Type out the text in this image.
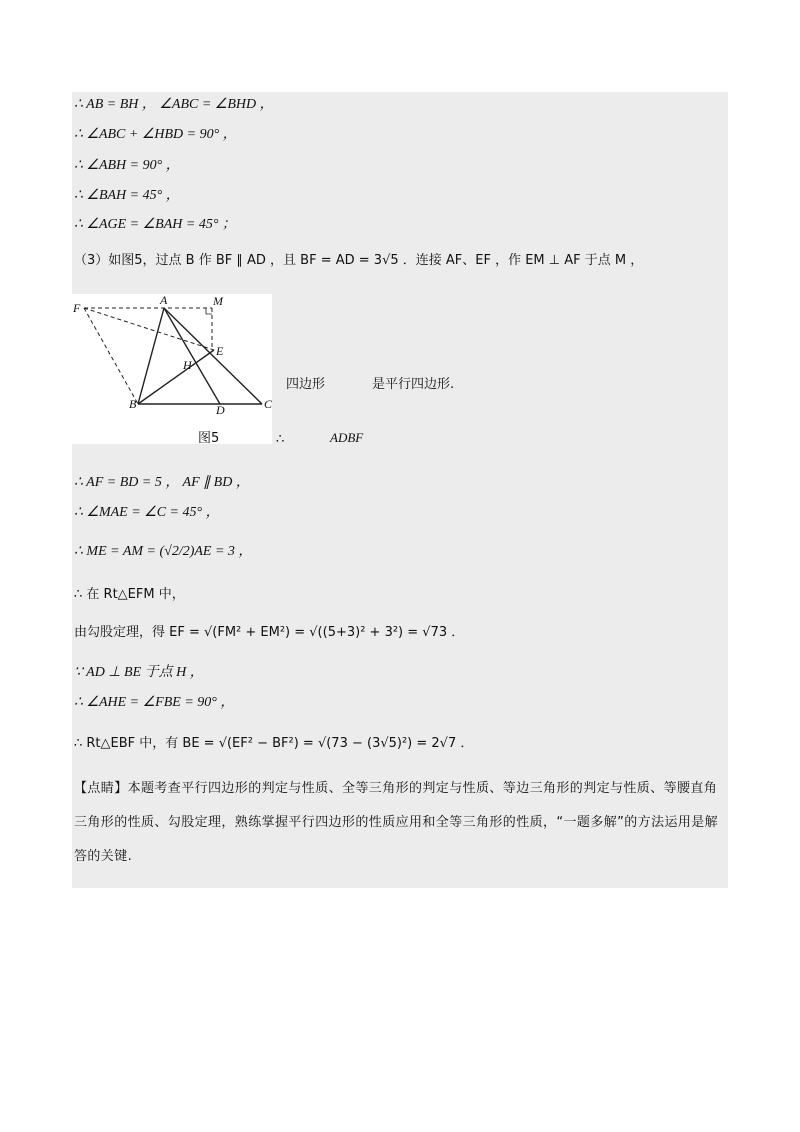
∴ AB = BH ， ∠ABC = ∠BHD ，
∴ ∠ABC + ∠HBD = 90° ，
∴ ∠ABH = 90° ，
∴ ∠BAH = 45° ，
∴ ∠AGE = ∠BAH = 45° ；
（3）如图5，过点 B 作 BF ∥ AD ，且 BF = AD = 3√5 ．连接 AF、EF ，作 EM ⊥ AF 于点 M ，
F
A	M
E
H
B	D	C
图5
四边形	是平行四边形.
∴	ADBF
∴ AF = BD = 5 ， AF ∥ BD ，
∴ ∠MAE = ∠C = 45° ，
∴ ME = AM = (√2/2)AE = 3 ，
∴ 在 Rt△EFM 中，
由勾股定理，得 EF = √(FM² + EM²) = √((5+3)² + 3²) = √73 ．
∵ AD ⊥ BE 于点 H ，
∴ ∠AHE = ∠FBE = 90° ，
∴ Rt△EBF 中，有 BE = √(EF² − BF²) = √(73 − (3√5)²) = 2√7 ．
【点睛】本题考查平行四边形的判定与性质、全等三角形的判定与性质、等边三角形的判定与性质、等腰直角三角形的性质、勾股定理，熟练掌握平行四边形的性质应用和全等三角形的性质，“一题多解”的方法运用是解答的关键.
